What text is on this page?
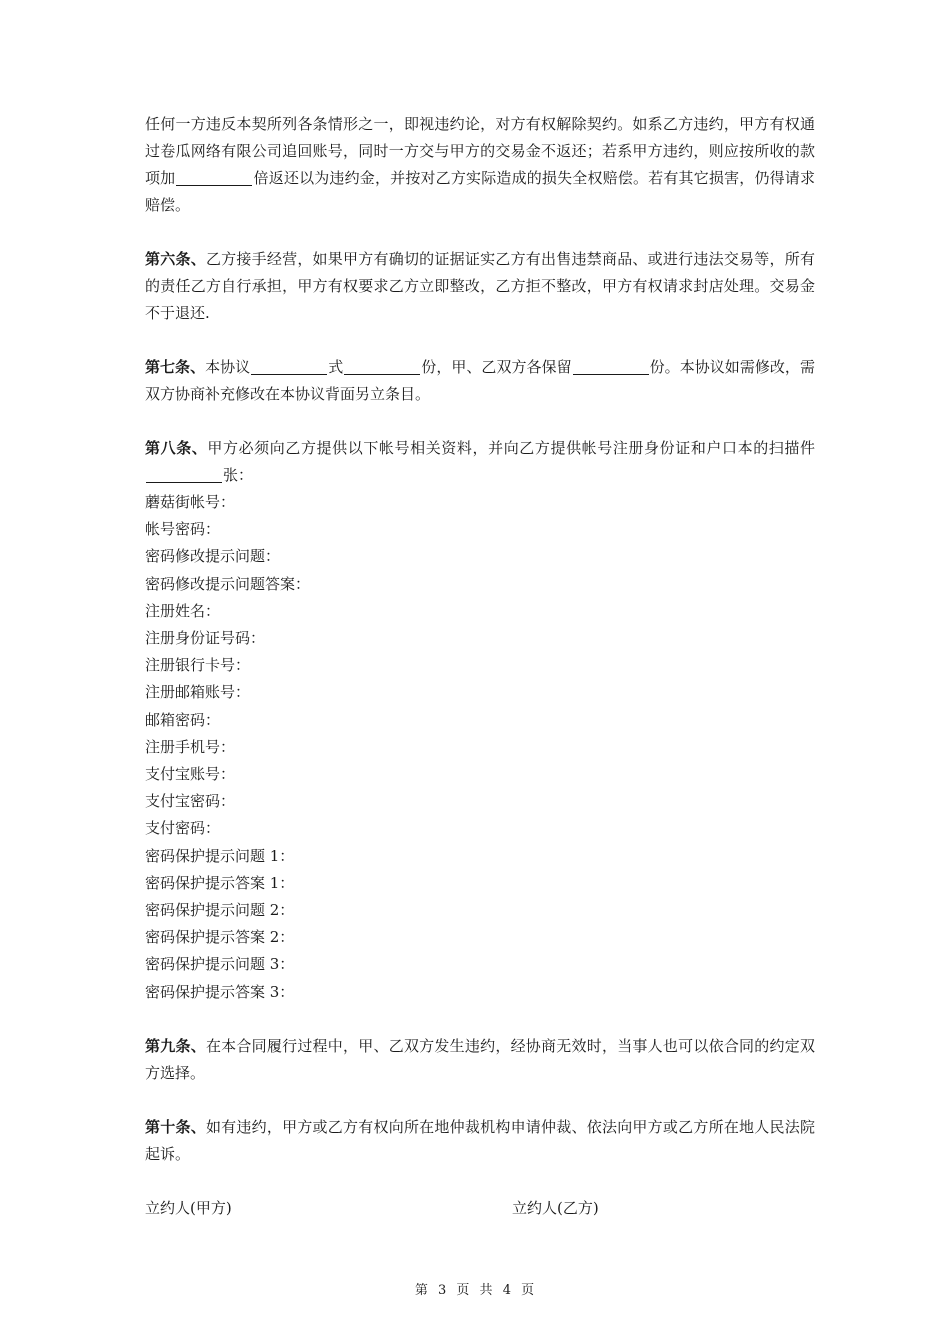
任何一方违反本契所列各条情形之一，即视违约论，对方有权解除契约。如系乙方违约，甲方有权通过卷瓜网络有限公司追回账号，同时一方交与甲方的交易金不返还；若系甲方违约，则应按所收的款项加	倍返还以为违约金，并按对乙方实际造成的损失全权赔偿。若有其它损害，仍得请求赔偿。

第六条、乙方接手经营，如果甲方有确切的证据证实乙方有出售违禁商品、或进行违法交易等，所有的责任乙方自行承担，甲方有权要求乙方立即整改，乙方拒不整改，甲方有权请求封店处理。交易金不于退还.

第七条、本协议	式	份，甲、乙双方各保留	份。本协议如需修改，需双方协商补充修改在本协议背面另立条目。

第八条、甲方必须向乙方提供以下帐号相关资料，并向乙方提供帐号注册身份证和户口本的扫描件张：

蘑菇街帐号：
帐号密码：
密码修改提示问题：
密码修改提示问题答案：
注册姓名：
注册身份证号码：
注册银行卡号：
注册邮箱账号：
邮箱密码：
注册手机号：
支付宝账号：
支付宝密码：
支付密码：
密码保护提示问题 1：
密码保护提示答案 1：
密码保护提示问题 2：
密码保护提示答案 2：
密码保护提示问题 3：
密码保护提示答案 3：

第九条、在本合同履行过程中，甲、乙双方发生违约，经协商无效时，当事人也可以依合同的约定双方选择。

第十条、如有违约，甲方或乙方有权向所在地仲裁机构申请仲裁、依法向甲方或乙方所在地人民法院起诉。

立约人(甲方)	立约人(乙方)
第 3 页 共 4 页
